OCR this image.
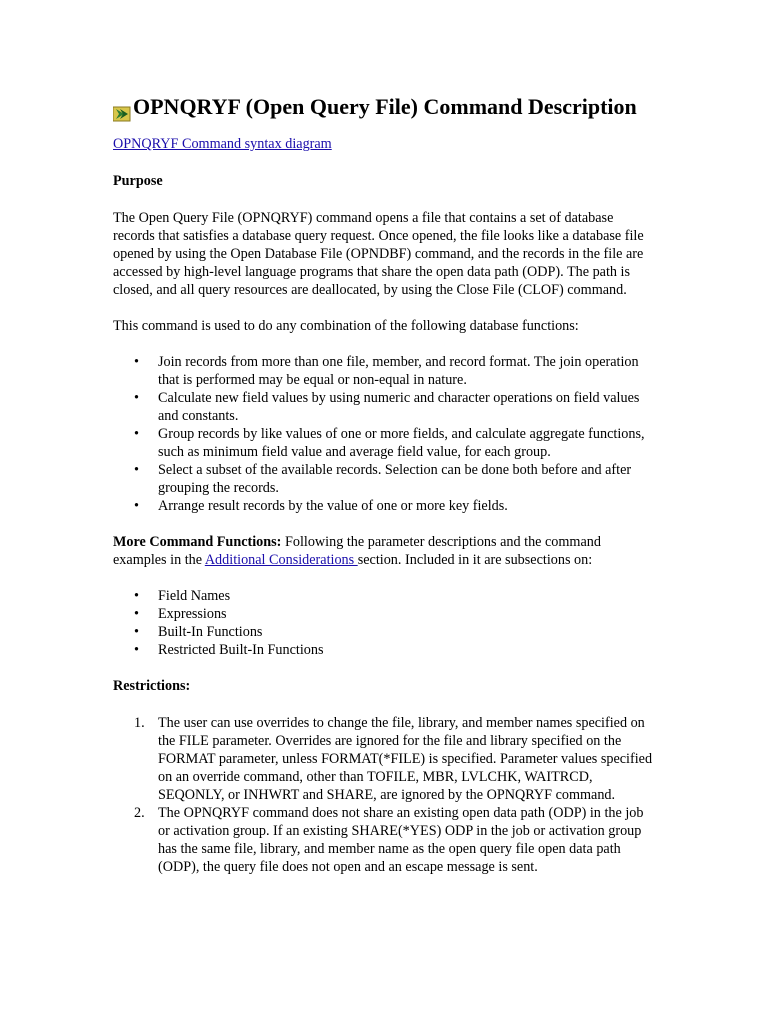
OPNQRYF (Open Query File) Command Description
OPNQRYF Command syntax diagram
Purpose

The Open Query File (OPNQRYF) command opens a file that contains a set of database records that satisfies a database query request. Once opened, the file looks like a database file opened by using the Open Database File (OPNDBF) command, and the records in the file are accessed by high-level language programs that share the open data path (ODP). The path is closed, and all query resources are deallocated, by using the Close File (CLOF) command.

This command is used to do any combination of the following database functions:

• Join records from more than one file, member, and record format. The join operation that is performed may be equal or non-equal in nature.
• Calculate new field values by using numeric and character operations on field values and constants.
• Group records by like values of one or more fields, and calculate aggregate functions, such as minimum field value and average field value, for each group.
• Select a subset of the available records. Selection can be done both before and after grouping the records.
• Arrange result records by the value of one or more key fields.

More Command Functions: Following the parameter descriptions and the command examples in the Additional Considerations section. Included in it are subsections on:

• Field Names
• Expressions
• Built-In Functions
• Restricted Built-In Functions
Restrictions:
1. The user can use overrides to change the file, library, and member names specified on the FILE parameter. Overrides are ignored for the file and library specified on the FORMAT parameter, unless FORMAT(*FILE) is specified. Parameter values specified on an override command, other than TOFILE, MBR, LVLCHK, WAITRCD, SEQONLY, or INHWRT and SHARE, are ignored by the OPNQRYF command.
2. The OPNQRYF command does not share an existing open data path (ODP) in the job or activation group. If an existing SHARE(*YES) ODP in the job or activation group has the same file, library, and member name as the open query file open data path (ODP), the query file does not open and an escape message is sent.
